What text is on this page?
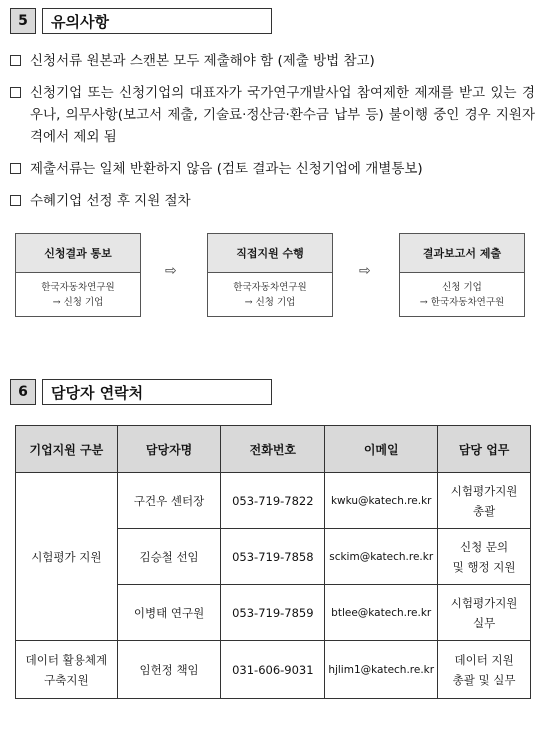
5	유의사항
신청서류 원본과 스캔본 모두 제출해야 함 (제출 방법 참고)
신청기업 또는 신청기업의 대표자가 국가연구개발사업 참여제한 제재를 받고 있는 경우나, 의무사항(보고서 제출, 기술료·정산금·환수금 납부 등) 불이행 중인 경우 지원자격에서 제외 됨
제출서류는 일체 반환하지 않음 (검토 결과는 신청기업에 개별통보)
수혜기업 선정 후 지원 절차
신청결과 통보
한국자동차연구원
→ 신청 기업
⇨
직접지원 수행
한국자동차연구원
→ 신청 기업
⇨
결과보고서 제출
신청 기업
→ 한국자동차연구원
6	담당자 연락처
기업지원 구분	담당자명	전화번호	이메일	담당 업무
시험평가 지원	구건우 센터장	053-719-7822	kwku@katech.re.kr	시험평가지원
총괄

	김승철 선임	053-719-7858	sckim@katech.re.kr	신청 문의
및 행정 지원

	이병태 연구원	053-719-7859	btlee@katech.re.kr	시험평가지원
실무

데이터 활용체계
구축지원	임헌정 책임	031-606-9031	hjlim1@katech.re.kr	데이터 지원
총괄 및 실무
